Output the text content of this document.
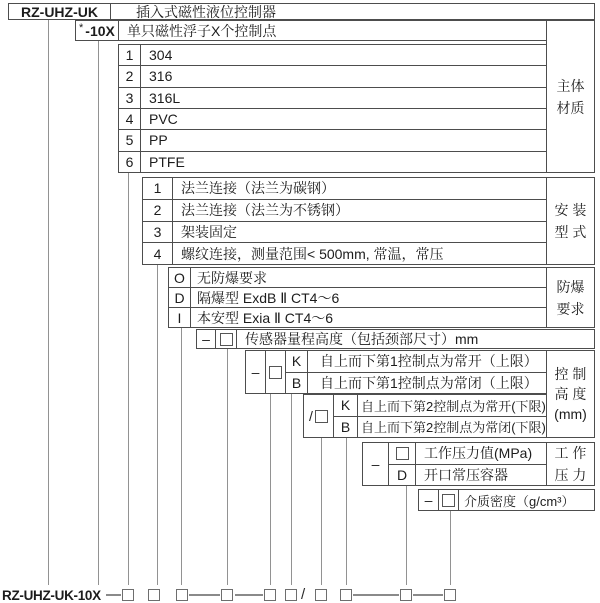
RZ-UHZ-UK	插入式磁性液位控制器
* -10X 单只磁性浮子X个控制点
1	304
2	316
3	316L
4	PVC
5	PP
6	PTFE
主体
材质
1	法兰连接（法兰为碳钢）
2	法兰连接（法兰为不锈钢）
3	架装固定
4	螺纹连接，测量范围< 500mm, 常温，常压
安 装
型 式
O 无防爆要求
D 隔爆型 ExdB Ⅱ CT4～6
I	本安型 Exia Ⅱ CT4～6
防爆
要求
–	传感器量程高度（包括颈部尺寸）mm
–
K	自上而下第1控制点为常开（上限）
B	自上而下第1控制点为常闭（上限）
控 制
高 度
(mm)
/
K 自上而下第2控制点为常开(下限)
B 自上而下第2控制点为常闭(下限)
–
工作压力值(MPa)
D	开口常压容器
工 作
压 力
–	介质密度（g/cm³）
RZ-UHZ-UK-10X	/
